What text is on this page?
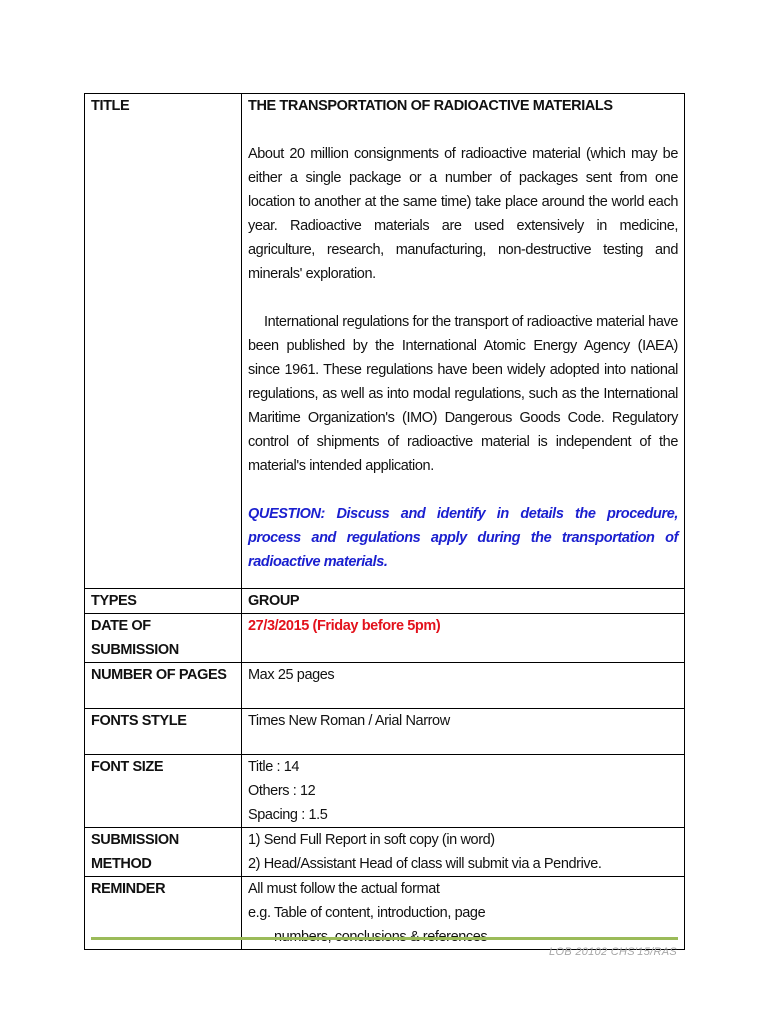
TITLE	THE TRANSPORTATION OF RADIOACTIVE MATERIALS

About 20 million consignments of radioactive material (which may be either a single package or a number of packages sent from one location to another at the same time) take place around the world each year. Radioactive materials are used extensively in medicine, agriculture, research, manufacturing, non-destructive testing and minerals' exploration.

International regulations for the transport of radioactive material have been published by the International Atomic Energy Agency (IAEA) since 1961. These regulations have been widely adopted into national regulations, as well as into modal regulations, such as the International Maritime Organization's (IMO) Dangerous Goods Code. Regulatory control of shipments of radioactive material is independent of the material's intended application.

QUESTION: Discuss and identify in details the procedure, process and regulations apply during the transportation of radioactive materials.

TYPES	GROUP
DATE OF SUBMISSION	27/3/2015 (Friday before 5pm)
NUMBER OF PAGES	Max 25 pages
FONTS STYLE	Times New Roman / Arial Narrow
FONT SIZE	Title : 14
Others : 12
Spacing : 1.5

SUBMISSION METHOD	1) Send Full Report in soft copy (in word)
2) Head/Assistant Head of class will submit via a Pendrive.

REMINDER	All must follow the actual format
e.g. Table of content, introduction, page
LOB 20102 CHS'15/RAS
